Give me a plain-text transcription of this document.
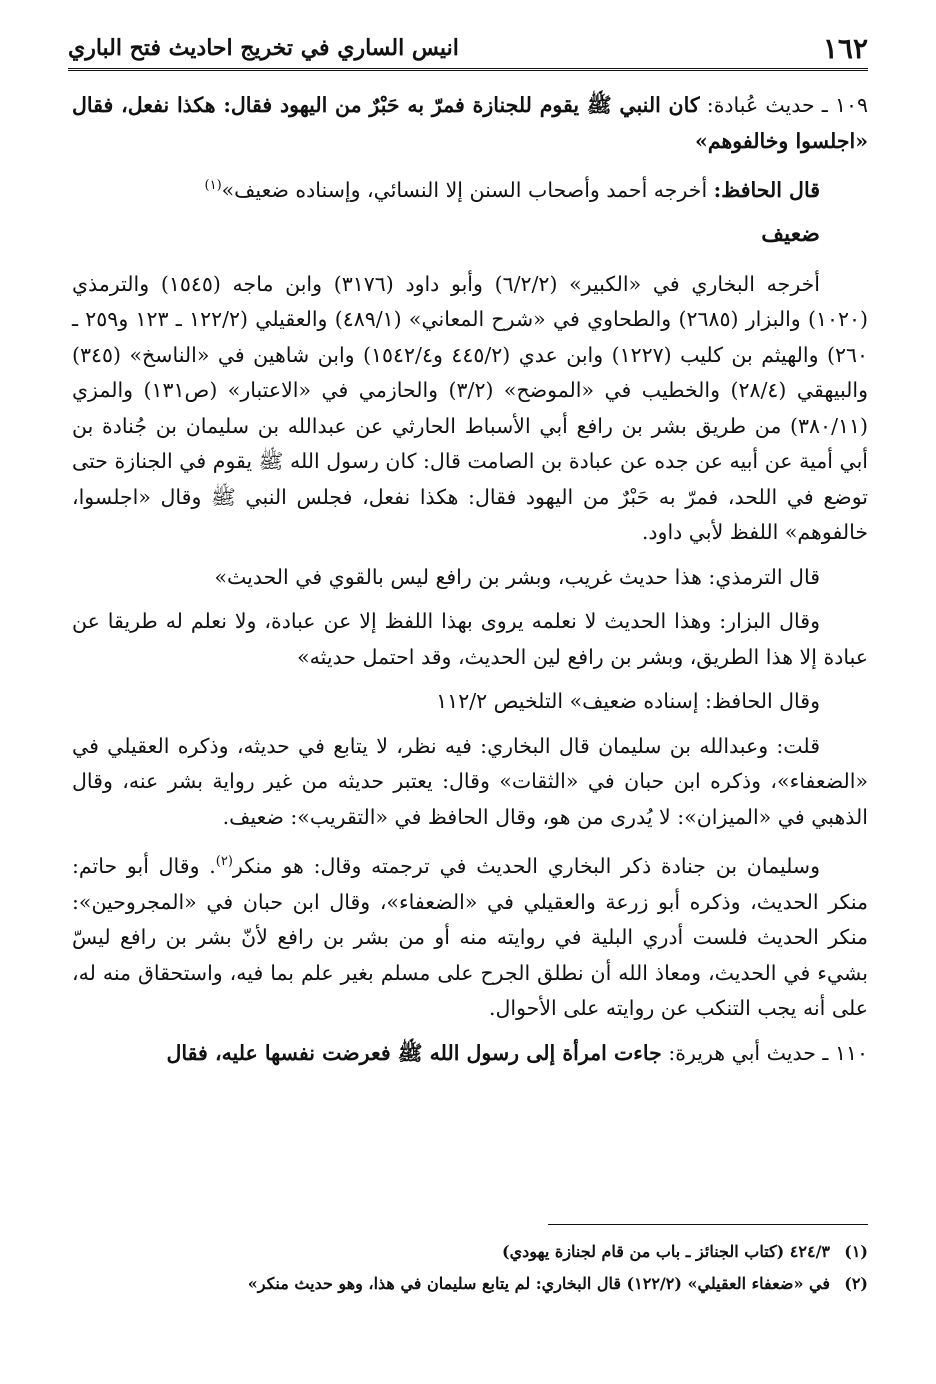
١٦٢
انيس الساري في تخريج احاديث فتح الباري

١٠٩ ـ حديث عُبادة: كان النبي ﷺ يقوم للجنازة فمرّ به حَبْرٌ من اليهود فقال: هكذا نفعل، فقال «اجلسوا وخالفوهم»

قال الحافظ: أخرجه أحمد وأصحاب السنن إلا النسائي، وإسناده ضعيف»$^{(١)}$

ضعيف

أخرجه البخاري في «الكبير» (٦/٢/٢) وأبو داود (٣١٧٦) وابن ماجه (١٥٤٥) والترمذي (١٠٢٠) والبزار (٢٦٨٥) والطحاوي في «شرح المعاني» (٤٨٩/١) والعقيلي (١٢٢/٢ ـ ١٢٣ و٢٥٩ ـ ٢٦٠) والهيثم بن كليب (١٢٢٧) وابن عدي (٤٤٥/٢ و١٥٤٢/٤) وابن شاهين في «الناسخ» (٣٤٥) والبيهقي (٢٨/٤) والخطيب في «الموضح» (٣/٢) والحازمي في «الاعتبار» (ص١٣١) والمزي (٣٨٠/١١) من طريق بشر بن رافع أبي الأسباط الحارثي عن عبدالله بن سليمان بن جُنادة بن أبي أمية عن أبيه عن جده عن عبادة بن الصامت قال: كان رسول الله ﷺ يقوم في الجنازة حتى توضع في اللحد، فمرّ به حَبْرٌ من اليهود فقال: هكذا نفعل، فجلس النبي ﷺ وقال «اجلسوا، خالفوهم» اللفظ لأبي داود.

قال الترمذي: هذا حديث غريب، وبشر بن رافع ليس بالقوي في الحديث»

وقال البزار: وهذا الحديث لا نعلمه يروى بهذا اللفظ إلا عن عبادة، ولا نعلم له طريقا عن عبادة إلا هذا الطريق، وبشر بن رافع لين الحديث، وقد احتمل حديثه»

وقال الحافظ: إسناده ضعيف» التلخيص ١١٢/٢

قلت: وعبدالله بن سليمان قال البخاري: فيه نظر، لا يتابع في حديثه، وذكره العقيلي في «الضعفاء»، وذكره ابن حبان في «الثقات» وقال: يعتبر حديثه من غير رواية بشر عنه، وقال الذهبي في «الميزان»: لا يُدرى من هو، وقال الحافظ في «التقريب»: ضعيف.

وسليمان بن جنادة ذكر البخاري الحديث في ترجمته وقال: هو منكر$^{(٢)}$. وقال أبو حاتم: منكر الحديث، وذكره أبو زرعة والعقيلي في «الضعفاء»، وقال ابن حبان في «المجروحين»: منكر الحديث فلست أدري البلية في روايته منه أو من بشر بن رافع لأنّ بشر بن رافع ليسّ بشيء في الحديث، ومعاذ الله أن نطلق الجرح على مسلم بغير علم بما فيه، واستحقاق منه له، على أنه يجب التنكب عن روايته على الأحوال.

١١٠ ـ حديث أبي هريرة: جاءت امرأة إلى رسول الله ﷺ فعرضت نفسها عليه، فقال

(١)٤٢٤/٣ (كتاب الجنائز ـ باب من قام لجنازة يهودي)

(٢)في «ضعفاء العقيلي» (١٢٢/٢) قال البخاري: لم يتابع سليمان في هذا، وهو حديث منكر»
